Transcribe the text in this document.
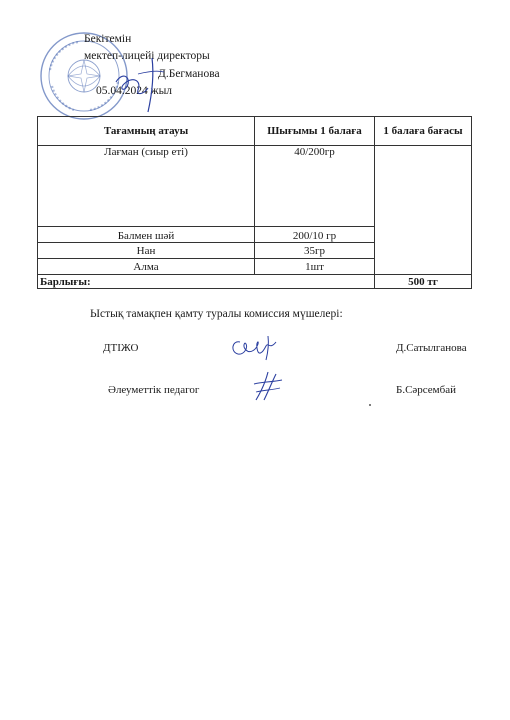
Бекітемін
мектеп-лицейі директоры
Д.Бегманова
05.04.2024 жыл
Тағамның атауы	Шығымы 1 балаға	1 балаға бағасы
Лағман (сиыр еті)	40/200гр	
Балмен шәй	200/10 гр	
Нан	35гр	
Алма	1шт	
Барлығы:		500 тг
Ыстық тамақпен қамту туралы комиссия мүшелері:
ДТІЖО	Д.Сатылганова
Әлеуметтік педагог	Б.Сәрсембай
